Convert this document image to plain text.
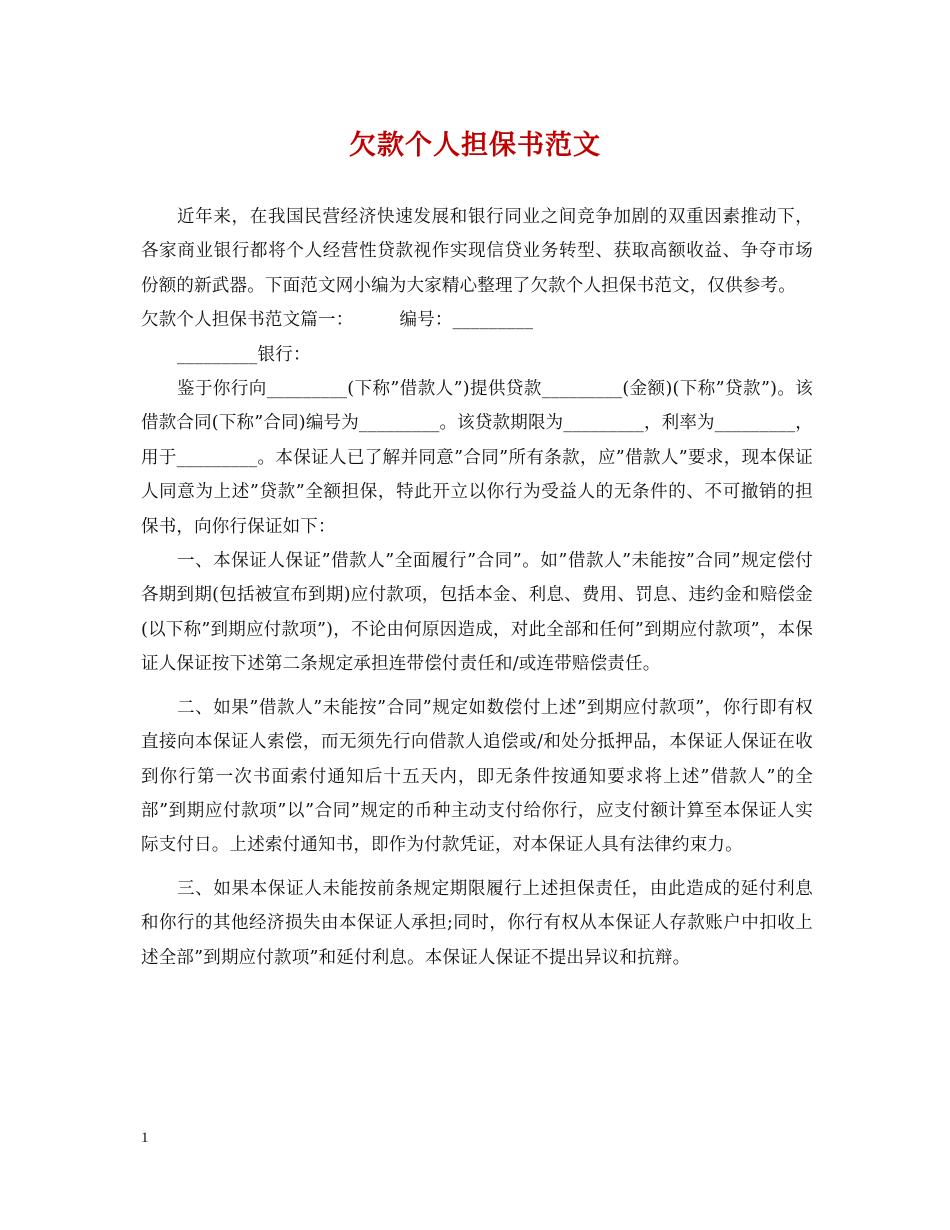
欠款个人担保书范文

近年来，在我国民营经济快速发展和银行同业之间竞争加剧的双重因素推动下，各家商业银行都将个人经营性贷款视作实现信贷业务转型、获取高额收益、争夺市场份额的新武器。下面范文网小编为大家精心整理了欠款个人担保书范文，仅供参考。

欠款个人担保书范文篇一：        编号：_________

_________银行：

鉴于你行向_________(下称”借款人”)提供贷款_________(金额)(下称”贷款”)。该借款合同(下称”合同)编号为_________。该贷款期限为_________，利率为_________，用于_________。本保证人已了解并同意”合同”所有条款，应”借款人”要求，现本保证人同意为上述”贷款”全额担保，特此开立以你行为受益人的无条件的、不可撤销的担保书，向你行保证如下：

一、本保证人保证”借款人”全面履行”合同”。如”借款人”未能按”合同”规定偿付各期到期(包括被宣布到期)应付款项，包括本金、利息、费用、罚息、违约金和赔偿金(以下称”到期应付款项”)，不论由何原因造成，对此全部和任何”到期应付款项”，本保证人保证按下述第二条规定承担连带偿付责任和/或连带赔偿责任。

二、如果”借款人”未能按”合同”规定如数偿付上述”到期应付款项”，你行即有权直接向本保证人索偿，而无须先行向借款人追偿或/和处分抵押品，本保证人保证在收到你行第一次书面索付通知后十五天内，即无条件按通知要求将上述”借款人”的全部”到期应付款项”以”合同”规定的币种主动支付给你行，应支付额计算至本保证人实际支付日。上述索付通知书，即作为付款凭证，对本保证人具有法律约束力。

三、如果本保证人未能按前条规定期限履行上述担保责任，由此造成的延付利息和你行的其他经济损失由本保证人承担;同时，你行有权从本保证人存款账户中扣收上述全部”到期应付款项”和延付利息。本保证人保证不提出异议和抗辩。

1
